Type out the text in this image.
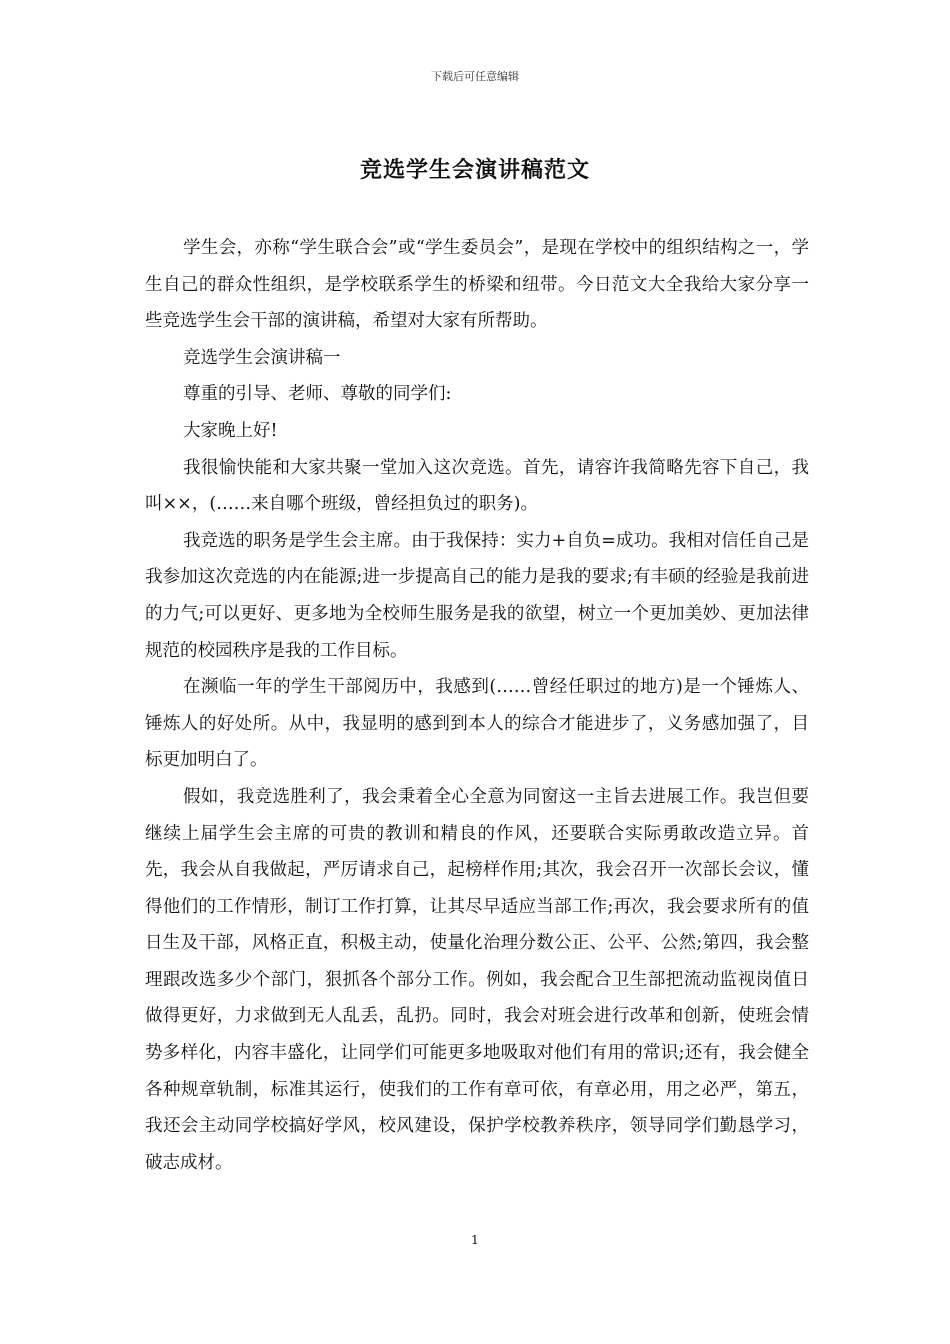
下载后可任意编辑
竞选学生会演讲稿范文

学生会，亦称“学生联合会”或“学生委员会”，是现在学校中的组织结构之一，学生自己的群众性组织，是学校联系学生的桥梁和纽带。今日范文大全我给大家分享一些竞选学生会干部的演讲稿，希望对大家有所帮助。

竞选学生会演讲稿一

尊重的引导、老师、尊敬的同学们:

大家晚上好!

我很愉快能和大家共聚一堂加入这次竞选。首先，请容许我简略先容下自己，我叫××，(……来自哪个班级，曾经担负过的职务)。

我竞选的职务是学生会主席。由于我保持：实力+自负=成功。我相对信任自己是我参加这次竞选的内在能源;进一步提高自己的能力是我的要求;有丰硕的经验是我前进的力气;可以更好、更多地为全校师生服务是我的欲望，树立一个更加美妙、更加法律规范的校园秩序是我的工作目标。

在濒临一年的学生干部阅历中，我感到(……曾经任职过的地方)是一个锤炼人、锤炼人的好处所。从中，我显明的感到到本人的综合才能进步了，义务感加强了，目标更加明白了。

假如，我竞选胜利了，我会秉着全心全意为同窗这一主旨去进展工作。我岂但要继续上届学生会主席的可贵的教训和精良的作风，还要联合实际勇敢改造立异。首先，我会从自我做起，严厉请求自己，起榜样作用;其次，我会召开一次部长会议，懂得他们的工作情形，制订工作打算，让其尽早适应当部工作;再次，我会要求所有的值日生及干部，风格正直，积极主动，使量化治理分数公正、公平、公然;第四，我会整理跟改选多少个部门，狠抓各个部分工作。例如，我会配合卫生部把流动监视岗值日做得更好，力求做到无人乱丢，乱扔。同时，我会对班会进行改革和创新，使班会情势多样化，内容丰盛化，让同学们可能更多地吸取对他们有用的常识;还有，我会健全各种规章轨制，标准其运行，使我们的工作有章可依，有章必用，用之必严，第五，我还会主动同学校搞好学风，校风建设，保护学校教养秩序，领导同学们勤恳学习，破志成材。

1
